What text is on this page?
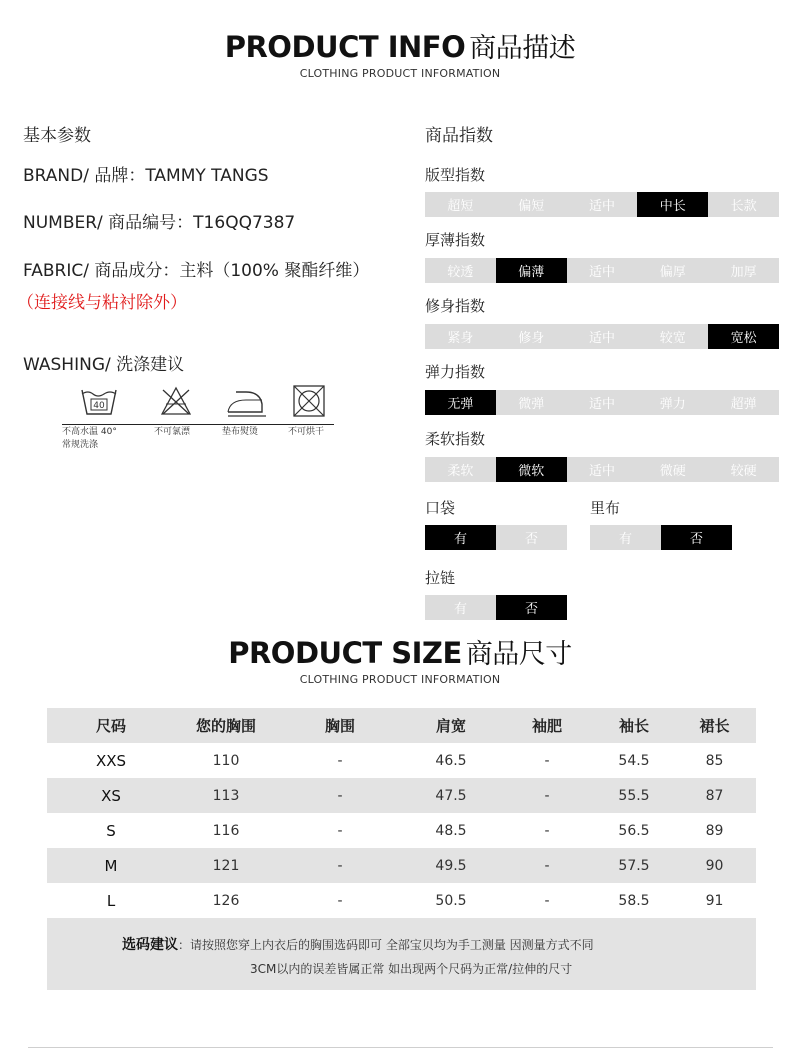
PRODUCT INFO 商品描述
CLOTHING PRODUCT INFORMATION
基本参数
BRAND/ 品牌：TAMMY TANGS
NUMBER/ 商品编号：T16QQ7387
FABRIC/ 商品成分：主料（100% 聚酯纤维）
（连接线与粘衬除外）
WASHING/ 洗涤建议
40
不高水温 40°
常规洗涤
不可氯漂	垫布熨烫	不可烘干
商品指数
版型指数
超短	偏短	适中	中长	长款
厚薄指数
较透	偏薄	适中	偏厚	加厚
修身指数
紧身	修身	适中	较宽	宽松
弹力指数
无弹	微弹	适中	弹力	超弹
柔软指数
柔软	微软	适中	微硬	较硬
口袋
有	否
里布
有	否
拉链
有	否
PRODUCT SIZE 商品尺寸
CLOTHING PRODUCT INFORMATION
尺码	您的胸围	胸围	肩宽	袖肥	袖长	裙长
XXS	110	-	46.5	-	54.5	85
XS	113	-	47.5	-	55.5	87
S	116	-	48.5	-	56.5	89
M	121	-	49.5	-	57.5	90
L	126	-	50.5	-	58.5	91
选码建议：请按照您穿上内衣后的胸围选码即可 全部宝贝均为手工测量 因测量方式不同
3CM以内的误差皆属正常 如出现两个尺码为正常/拉伸的尺寸
